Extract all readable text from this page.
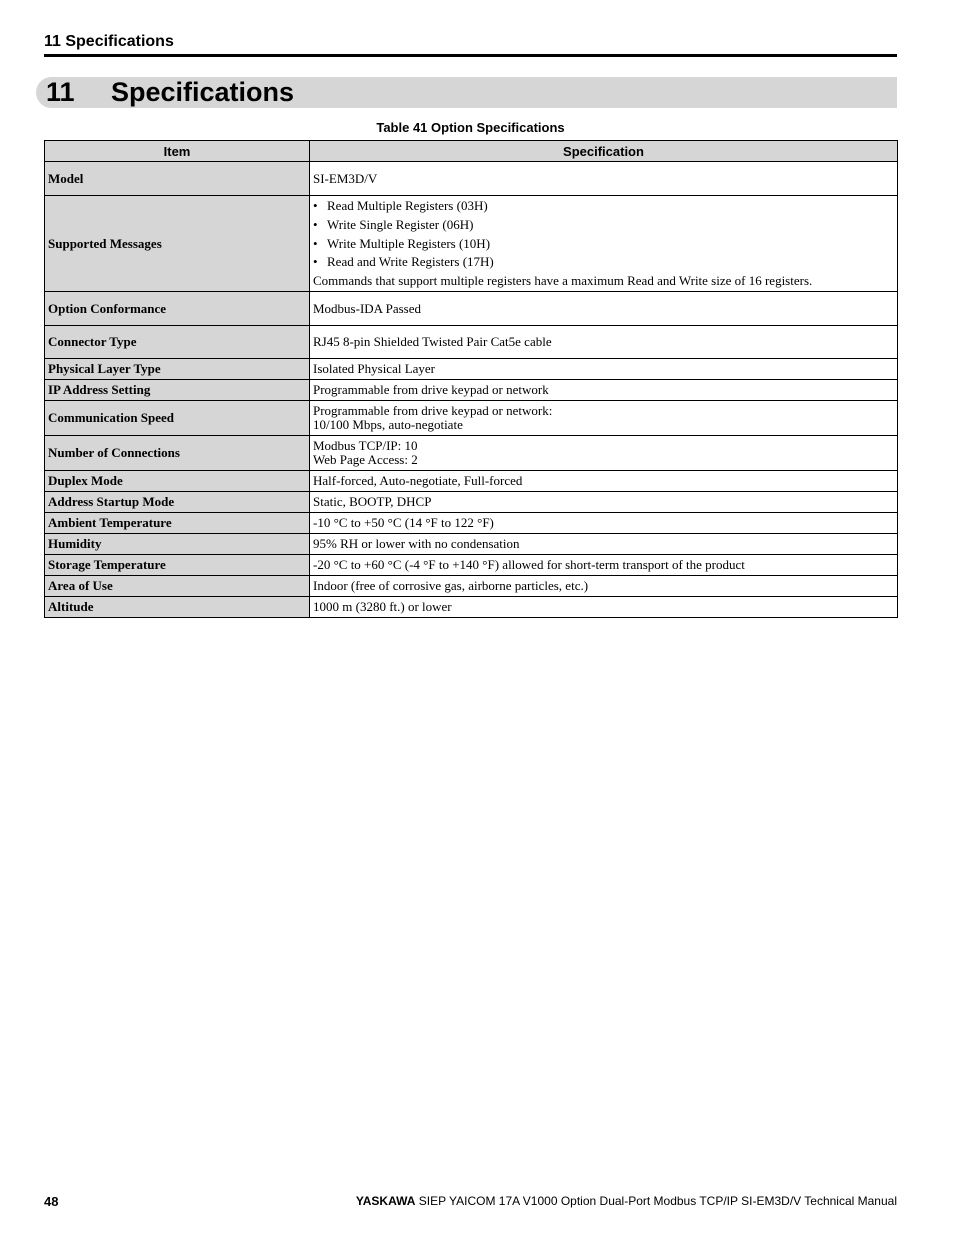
11 Specifications
11 Specifications
Table 41 Option Specifications
Item	Specification
Model	SI-EM3D/V

Supported Messages	• Read Multiple Registers (03H)
• Write Single Register (06H)
• Write Multiple Registers (10H)
• Read and Write Registers (17H)
Commands that support multiple registers have a maximum Read and Write size of 16 registers.

Option Conformance	Modbus-IDA Passed

Connector Type	RJ45 8-pin Shielded Twisted Pair Cat5e cable

Physical Layer Type	Isolated Physical Layer

IP Address Setting	Programmable from drive keypad or network

Communication Speed	Programmable from drive keypad or network:
10/100 Mbps, auto-negotiate

Number of Connections	Modbus TCP/IP: 10
Web Page Access: 2

Duplex Mode	Half-forced, Auto-negotiate, Full-forced

Address Startup Mode	Static, BOOTP, DHCP

Ambient Temperature	-10 °C to +50 °C (14 °F to 122 °F)

Humidity	95% RH or lower with no condensation

Storage Temperature	-20 °C to +60 °C (-4 °F to +140 °F) allowed for short-term transport of the product

Area of Use	Indoor (free of corrosive gas, airborne particles, etc.)

Altitude	1000 m (3280 ft.) or lower
48	YASKAWA SIEP YAICOM 17A V1000 Option Dual-Port Modbus TCP/IP SI-EM3D/V Technical Manual
